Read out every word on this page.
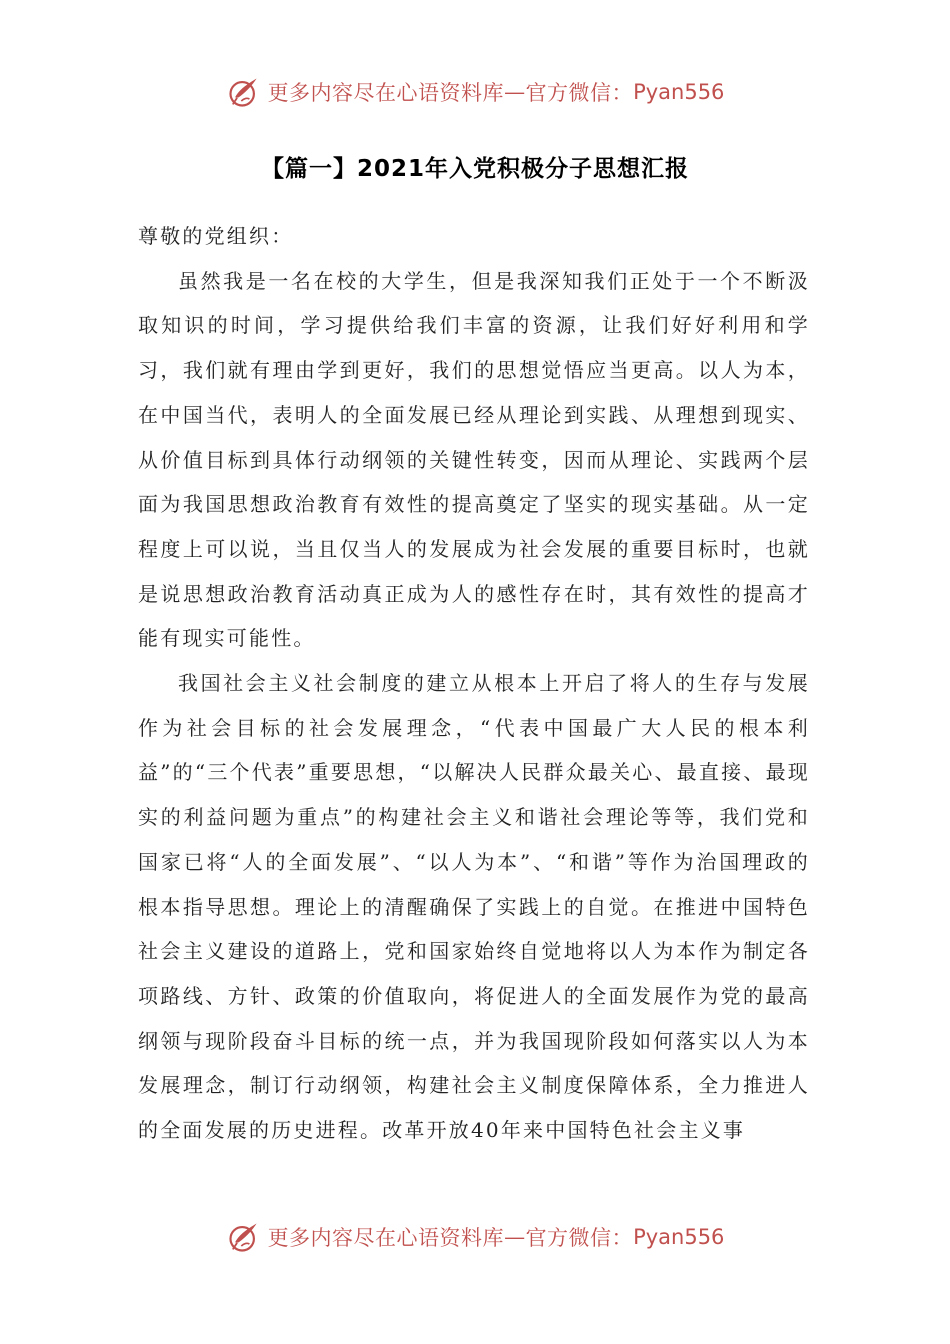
更多内容尽在心语资料库 — 官方微信： Pyan556
【篇一】2021年入党积极分子思想汇报

尊敬的党组织：

虽然我是一名在校的大学生，但是我深知我们正处于一个不断汲取知识的时间，学习提供给我们丰富的资源，让我们好好利用和学习，我们就有理由学到更好，我们的思想觉悟应当更高。以人为本，在中国当代，表明人的全面发展已经从理论到实践、从理想到现实、从价值目标到具体行动纲领的关键性转变，因而从理论、实践两个层面为我国思想政治教育有效性的提高奠定了坚实的现实基础。从一定程度上可以说，当且仅当人的发展成为社会发展的重要目标时，也就是说思想政治教育活动真正成为人的感性存在时，其有效性的提高才能有现实可能性。

我国社会主义社会制度的建立从根本上开启了将人的生存与发展作为社会目标的社会发展理念，“代表中国最广大人民的根本利益”的“三个代表”重要思想，“以解决人民群众最关心、最直接、最现实的利益问题为重点”的构建社会主义和谐社会理论等等，我们党和国家已将“人的全面发展”、“以人为本”、“和谐”等作为治国理政的根本指导思想。理论上的清醒确保了实践上的自觉。在推进中国特色社会主义建设的道路上，党和国家始终自觉地将以人为本作为制定各项路线、方针、政策的价值取向，将促进人的全面发展作为党的最高纲领与现阶段奋斗目标的统一点，并为我国现阶段如何落实以人为本发展理念，制订行动纲领，构建社会主义制度保障体系，全力推进人的全面发展的历史进程。改革开放40年来中国特色社会主义事

更多内容尽在心语资料库 — 官方微信： Pyan556
